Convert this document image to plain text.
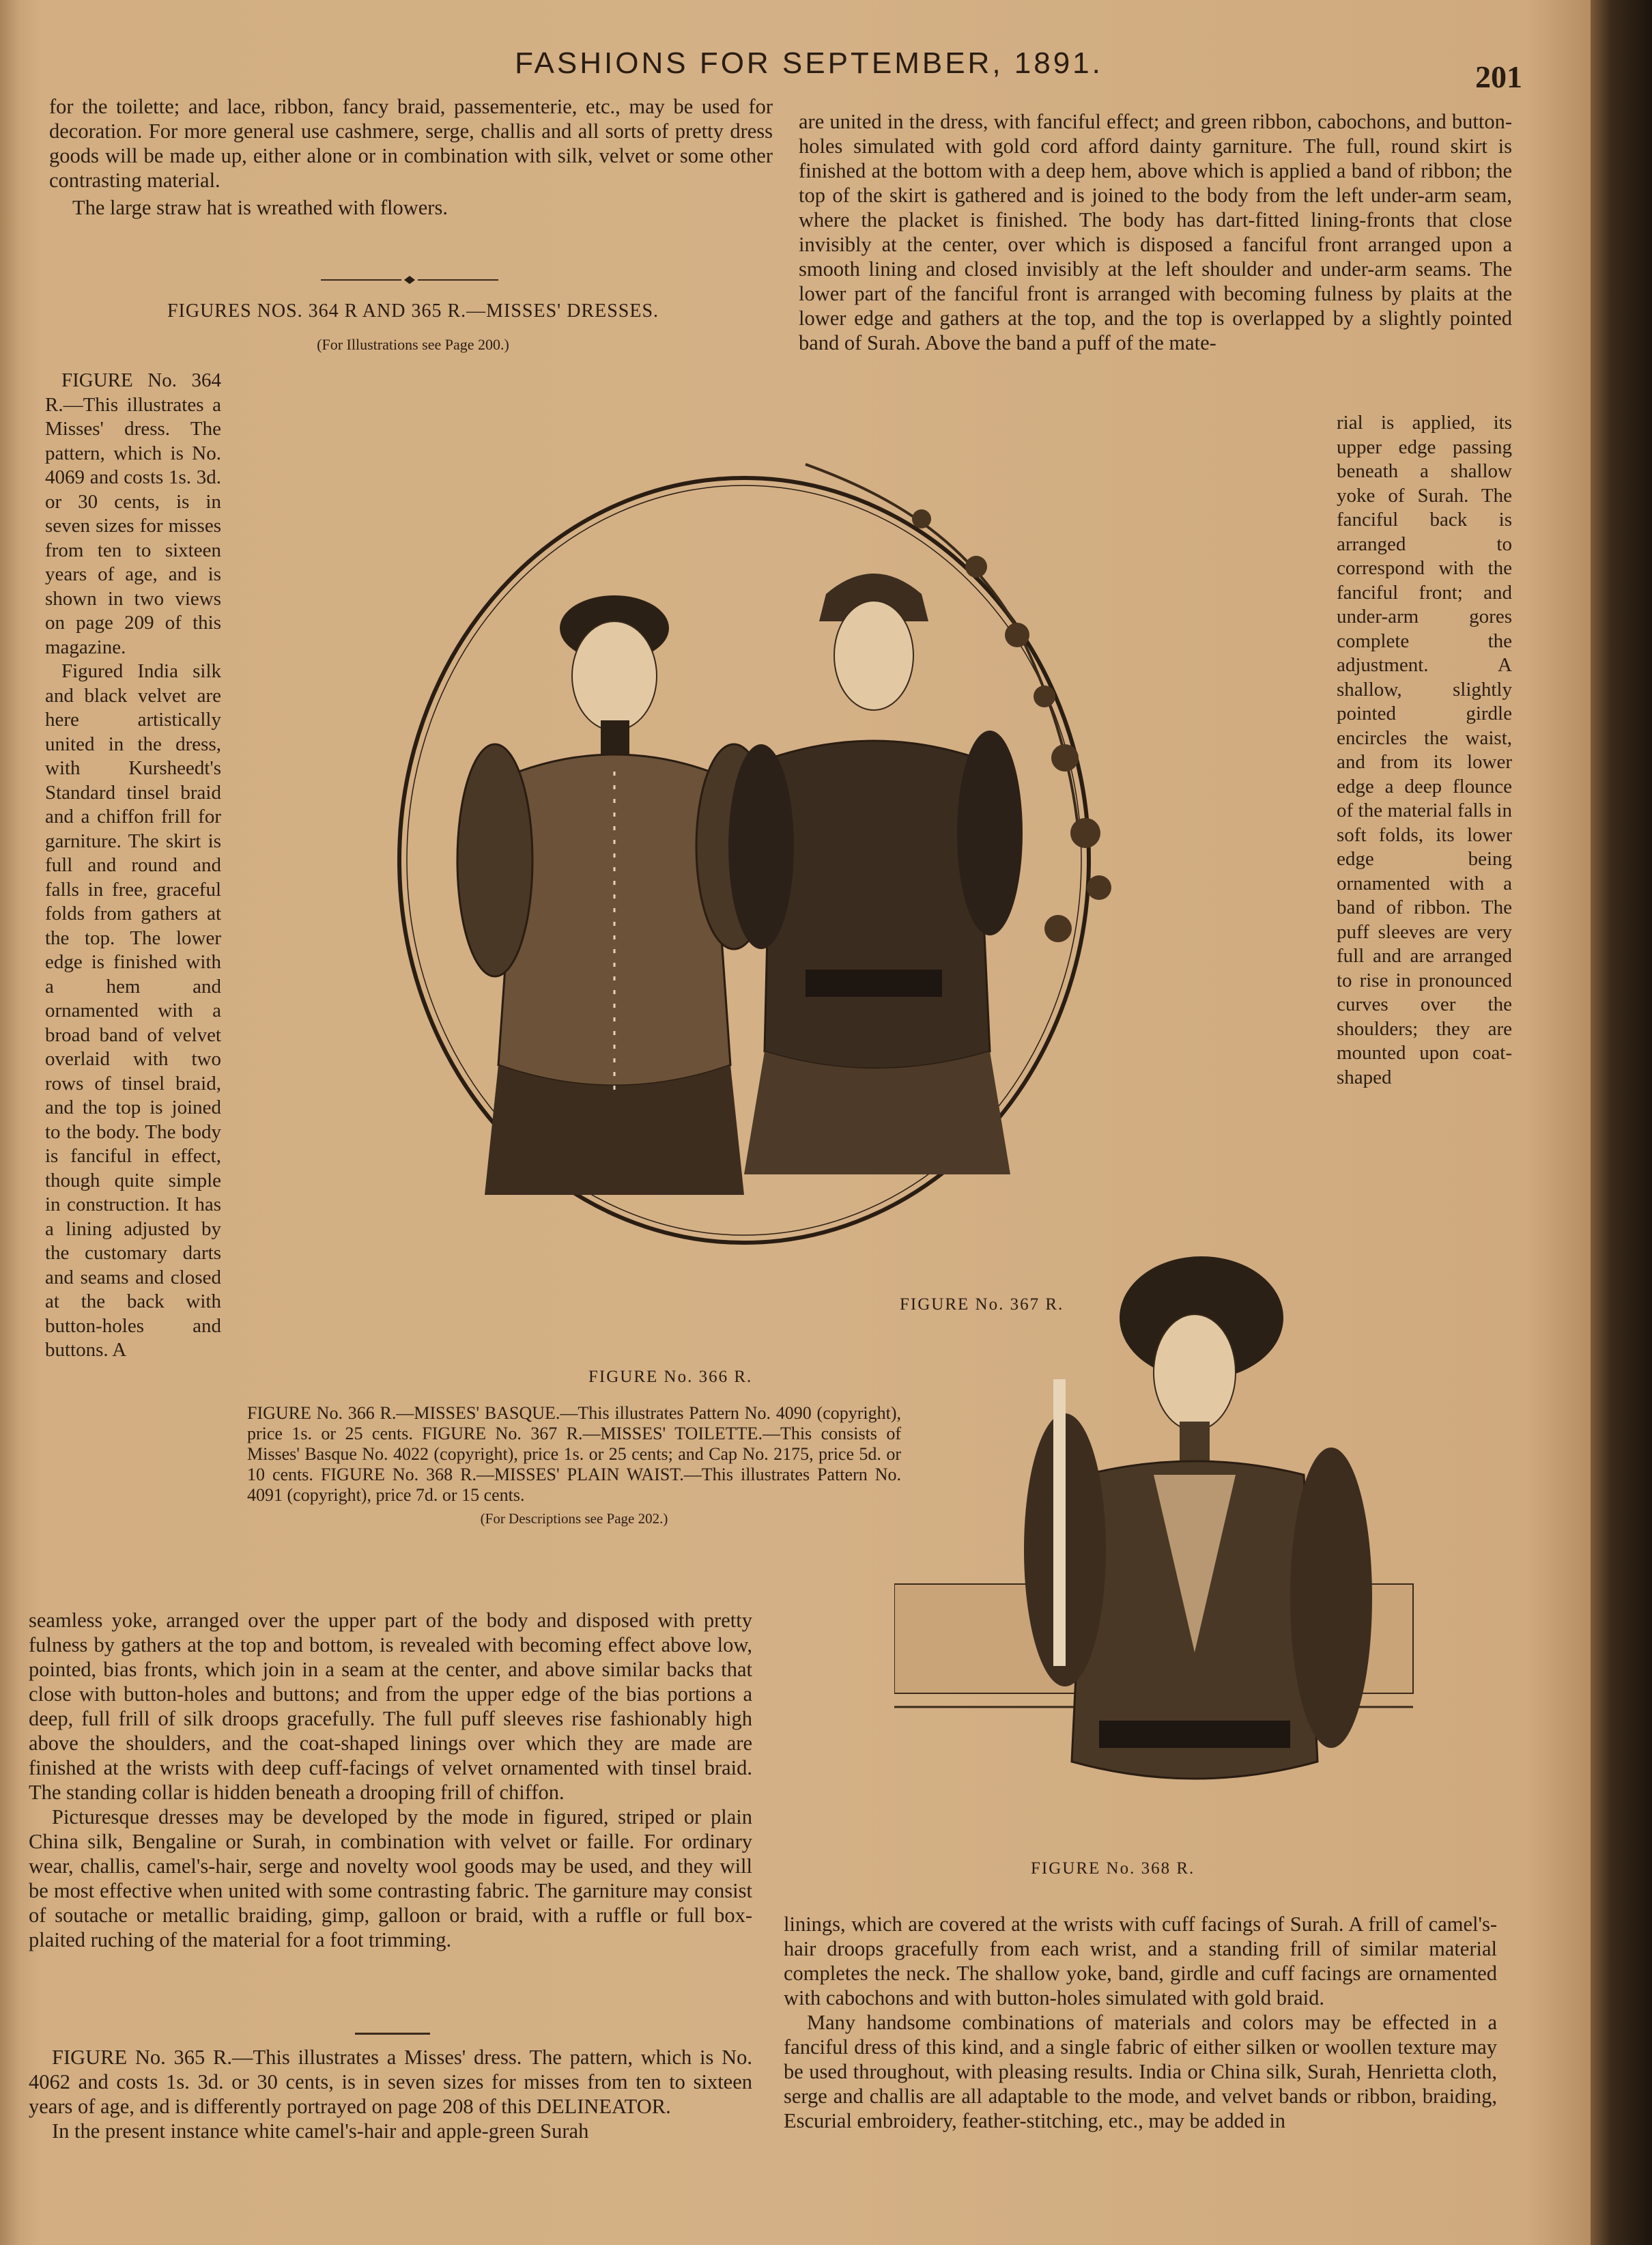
FASHIONS FOR SEPTEMBER, 1891.	201

for the toilette; and lace, ribbon, fancy braid, passementerie, etc., may be used for decoration. For more general use cashmere, serge, challis and all sorts of pretty dress goods will be made up, either alone or in combination with silk, velvet or some other contrasting material.

The large straw hat is wreathed with flowers.

FIGURES NOS. 364 R AND 365 R.—MISSES' DRESSES.
(For Illustrations see Page 200.)

FIGURE No. 364 R.—This illustrates a Misses' dress. The pattern, which is No. 4069 and costs 1s. 3d. or 30 cents, is in seven sizes for misses from ten to sixteen years of age, and is shown in two views on page 209 of this magazine.

Figured India silk and black velvet are here artistically united in the dress, with Kursheedt's Standard tinsel braid and a chiffon frill for garniture. The skirt is full and round and falls in free, graceful folds from gathers at the top. The lower edge is finished with a hem and ornamented with a broad band of velvet overlaid with two rows of tinsel braid, and the top is joined to the body. The body is fanciful in effect, though quite simple in construction. It has a lining adjusted by the customary darts and seams and closed at the back with button-holes and buttons. A

seamless yoke, arranged over the upper part of the body and disposed with pretty fulness by gathers at the top and bottom, is revealed with becoming effect above low, pointed, bias fronts, which join in a seam at the center, and above similar backs that close with button-holes and buttons; and from the upper edge of the bias portions a deep, full frill of silk droops gracefully. The full puff sleeves rise fashionably high above the shoulders, and the coat-shaped linings over which they are made are finished at the wrists with deep cuff-facings of velvet ornamented with tinsel braid. The standing collar is hidden beneath a drooping frill of chiffon.

Picturesque dresses may be developed by the mode in figured, striped or plain China silk, Bengaline or Surah, in combination with velvet or faille. For ordinary wear, challis, camel's-hair, serge and novelty wool goods may be used, and they will be most effective when united with some contrasting fabric. The garniture may consist of soutache or metallic braiding, gimp, galloon or braid, with a ruffle or full box-plaited ruching of the material for a foot trimming.

FIGURE No. 365 R.—This illustrates a Misses' dress. The pattern, which is No. 4062 and costs 1s. 3d. or 30 cents, is in seven sizes for misses from ten to sixteen years of age, and is differently portrayed on page 208 of this DELINEATOR.

In the present instance white camel's-hair and apple-green Surah

are united in the dress, with fanciful effect; and green ribbon, cabochons, and button-holes simulated with gold cord afford dainty garniture. The full, round skirt is finished at the bottom with a deep hem, above which is applied a band of ribbon; the top of the skirt is gathered and is joined to the body from the left under-arm seam, where the placket is finished. The body has dart-fitted lining-fronts that close invisibly at the center, over which is disposed a fanciful front arranged upon a smooth lining and closed invisibly at the left shoulder and under-arm seams. The lower part of the fanciful front is arranged with becoming fulness by plaits at the lower edge and gathers at the top, and the top is overlapped by a slightly pointed band of Surah. Above the band a puff of the mate-

rial is applied, its upper edge passing beneath a shallow yoke of Surah. The fanciful back is arranged to correspond with the fanciful front; and under-arm gores complete the adjustment. A shallow, slightly pointed girdle encircles the waist, and from its lower edge a deep flounce of the material falls in soft folds, its lower edge being ornamented with a band of ribbon. The puff sleeves are very full and are arranged to rise in pronounced curves over the shoulders; they are mounted upon coat-shaped

linings, which are covered at the wrists with cuff facings of Surah. A frill of camel's-hair droops gracefully from each wrist, and a standing frill of similar material completes the neck. The shallow yoke, band, girdle and cuff facings are ornamented with cabochons and with button-holes simulated with gold braid.

Many handsome combinations of materials and colors may be effected in a fanciful dress of this kind, and a single fabric of either silken or woollen texture may be used throughout, with pleasing results. India or China silk, Surah, Henrietta cloth, serge and challis are all adaptable to the mode, and velvet bands or ribbon, braiding, Escurial embroidery, feather-stitching, etc., may be added in

FIGURE No. 366 R.
FIGURE No. 367 R.
FIGURE No. 368 R.
FIGURE No. 366 R.—MISSES' BASQUE.—This illustrates Pattern No. 4090 (copyright), price 1s. or 25 cents. FIGURE No. 367 R.—MISSES' TOILETTE.—This consists of Misses' Basque No. 4022 (copyright), price 1s. or 25 cents; and Cap No. 2175, price 5d. or 10 cents. FIGURE No. 368 R.—MISSES' PLAIN WAIST.—This illustrates Pattern No. 4091 (copyright), price 7d. or 15 cents.
(For Descriptions see Page 202.)
